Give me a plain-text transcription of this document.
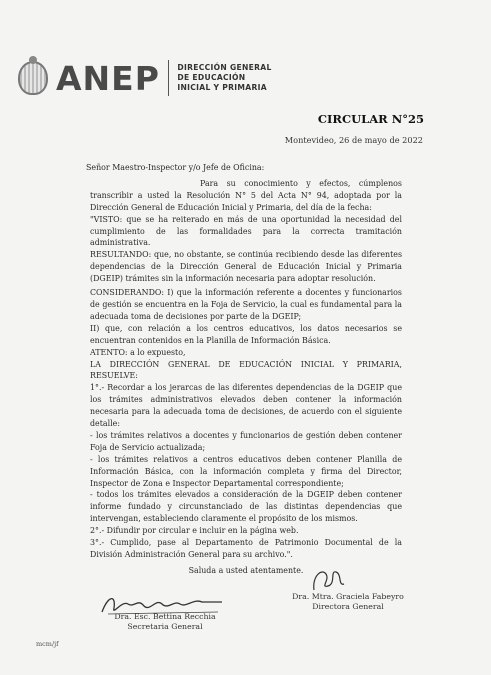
ANEP DIRECCIÓN GENERAL
DE EDUCACIÓN
INICIAL Y PRIMARIA
CIRCULAR N°25
Montevideo, 26 de mayo de 2022

Señor Maestro-Inspector y/o Jefe de Oficina:

Para su conocimiento y efectos, cúmplenos transcribir a usted la Resolución N° 5 del Acta N° 94, adoptada por la Dirección General de Educación Inicial y Primaria, del día de la fecha:

"VISTO: que se ha reiterado en más de una oportunidad la necesidad del cumplimiento de las formalidades para la correcta tramitación administrativa.

RESULTANDO: que, no obstante, se continúa recibiendo desde las diferentes dependencias de la Dirección General de Educación Inicial y Primaria (DGEIP) trámites sin la información necesaria para adoptar resolución.

CONSIDERANDO: I) que la información referente a docentes y funcionarios de gestión se encuentra en la Foja de Servicio, la cual es fundamental para la adecuada toma de decisiones por parte de la DGEIP;

II) que, con relación a los centros educativos, los datos necesarios se encuentran contenidos en la Planilla de Información Básica.

ATENTO: a lo expuesto,

LA DIRECCIÓN GENERAL DE EDUCACIÓN INICIAL Y PRIMARIA, RESUELVE:

1°.- Recordar a los jerarcas de las diferentes dependencias de la DGEIP que los trámites administrativos elevados deben contener la información necesaria para la adecuada toma de decisiones, de acuerdo con el siguiente detalle:

- los trámites relativos a docentes y funcionarios de gestión deben contener Foja de Servicio actualizada;

- los trámites relativos a centros educativos deben contener Planilla de Información Básica, con la información completa y firma del Director, Inspector de Zona e Inspector Departamental correspondiente;

- todos los trámites elevados a consideración de la DGEIP deben contener informe fundado y circunstanciado de las distintas dependencias que intervengan, estableciendo claramente el propósito de los mismos.

2°.- Difundir por circular e incluir en la página web.

3°.- Cumplido, pase al Departamento de Patrimonio Documental de la División Administración General para su archivo.".

Saluda a usted atentamente.

Dra. Esc. Bettina Recchia
Secretaria General
Dra. Mtra. Graciela Fabeyro
Directora General
mcm/jf
